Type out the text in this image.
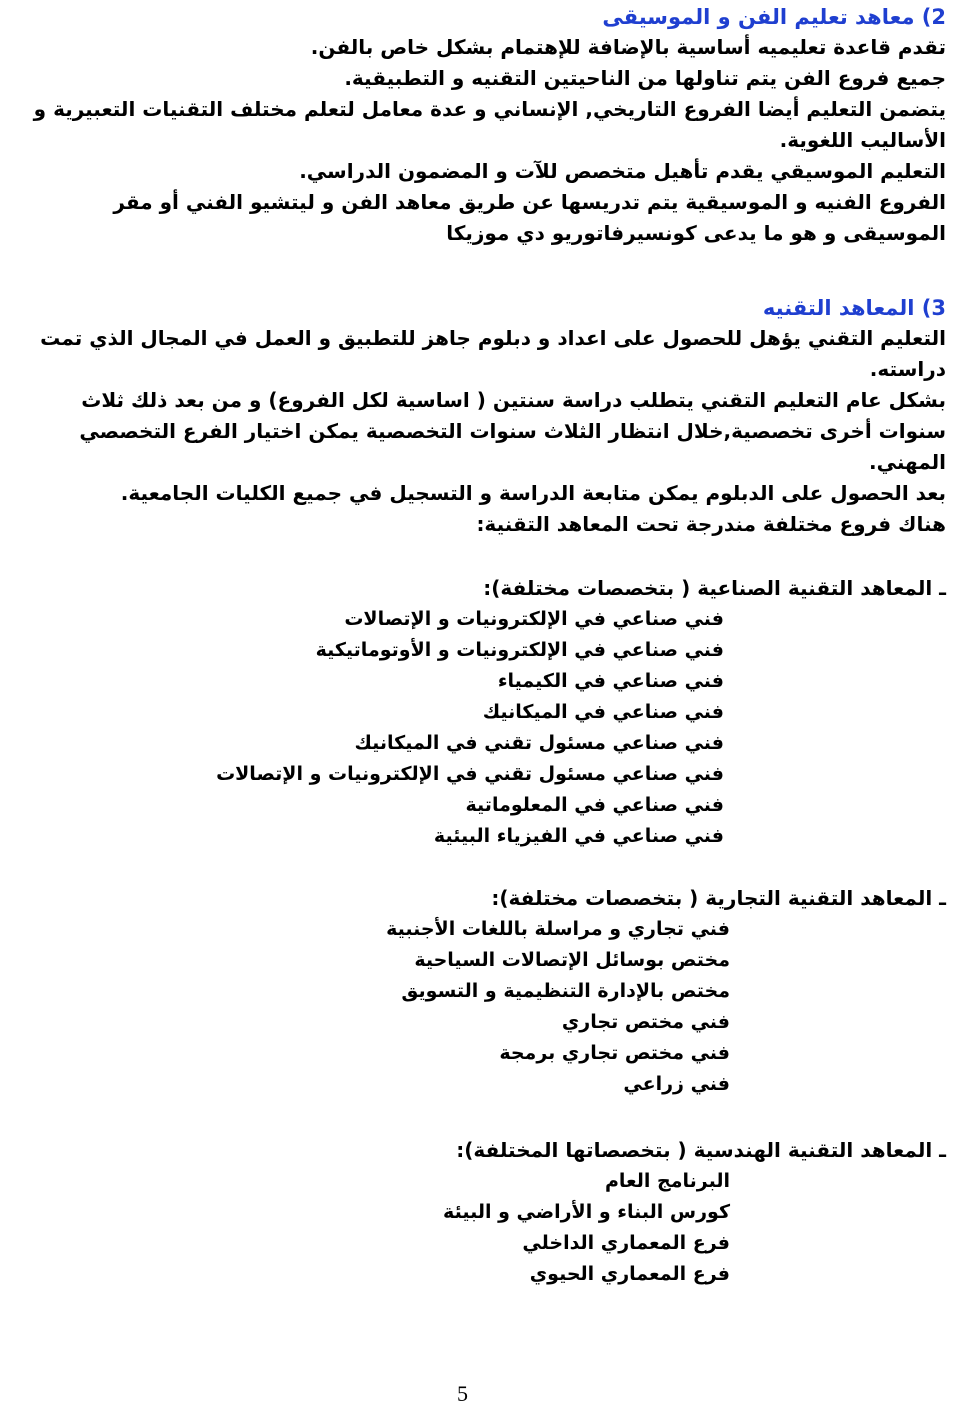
2) معاهد تعليم الفن و الموسيقى

تقدم قاعدة تعليميه أساسية بالإضافة للإهتمام بشكل خاص بالفن.

جميع فروع الفن يتم تناولها من الناحيتين التقنيه و التطبيقية.

يتضمن التعليم أيضا الفروع التاريخي, الإنساني و عدة معامل لتعلم مختلف التقنيات التعبيرية و الأساليب اللغوية.

التعليم الموسيقي يقدم تأهيل متخصص للآت و المضمون الدراسي.

الفروع الفنيه و الموسيقية يتم تدريسها عن طريق معاهد الفن و ليتشيو الفني أو مقر الموسيقى و هو ما يدعى كونسيرفاتوريو دي موزيكا

3) المعاهد التقنيه

التعليم التقني يؤهل للحصول على اعداد و دبلوم جاهز للتطبيق و العمل في المجال الذي تمت دراسته.

بشكل عام التعليم التقني يتطلب دراسة سنتين ( اساسية لكل الفروع) و من بعد ذلك ثلاث سنوات أخرى تخصصية,خلال انتظار الثلاث سنوات التخصصية يمكن اختيار الفرع التخصصي المهني.

بعد الحصول على الدبلوم يمكن متابعة الدراسة و التسجيل في جميع الكليات الجامعية.

هناك فروع مختلفة مندرجة تحت المعاهد التقنية:

ـ المعاهد التقنية الصناعية ( بتخصصات مختلفة):

فني صناعي في الإلكترونيات و الإتصالات
فني صناعي في الإلكترونيات و الأوتوماتيكية
فني صناعي في الكيمياء
فني صناعي في الميكانيك
فني صناعي مسئول تقني في الميكانيك
فني صناعي مسئول تقني في الإلكترونيات و الإتصالات
فني صناعي في المعلوماتية
فني صناعي في الفيزياء البيئية

ـ المعاهد التقنية التجارية ( بتخصصات مختلفة):

فني تجاري و مراسلة باللغات الأجنبية
مختص بوسائل الإتصالات السياحية
مختص بالإدارة التنظيمية و التسويق
فني مختص تجاري
فني مختص تجاري برمجة
فني زراعي

ـ المعاهد التقنية الهندسية ( بتخصصاتها المختلفة):

البرنامج العام
كورس البناء و الأراضي و البيئة
فرع المعماري الداخلي
فرع المعماري الحيوي
5
